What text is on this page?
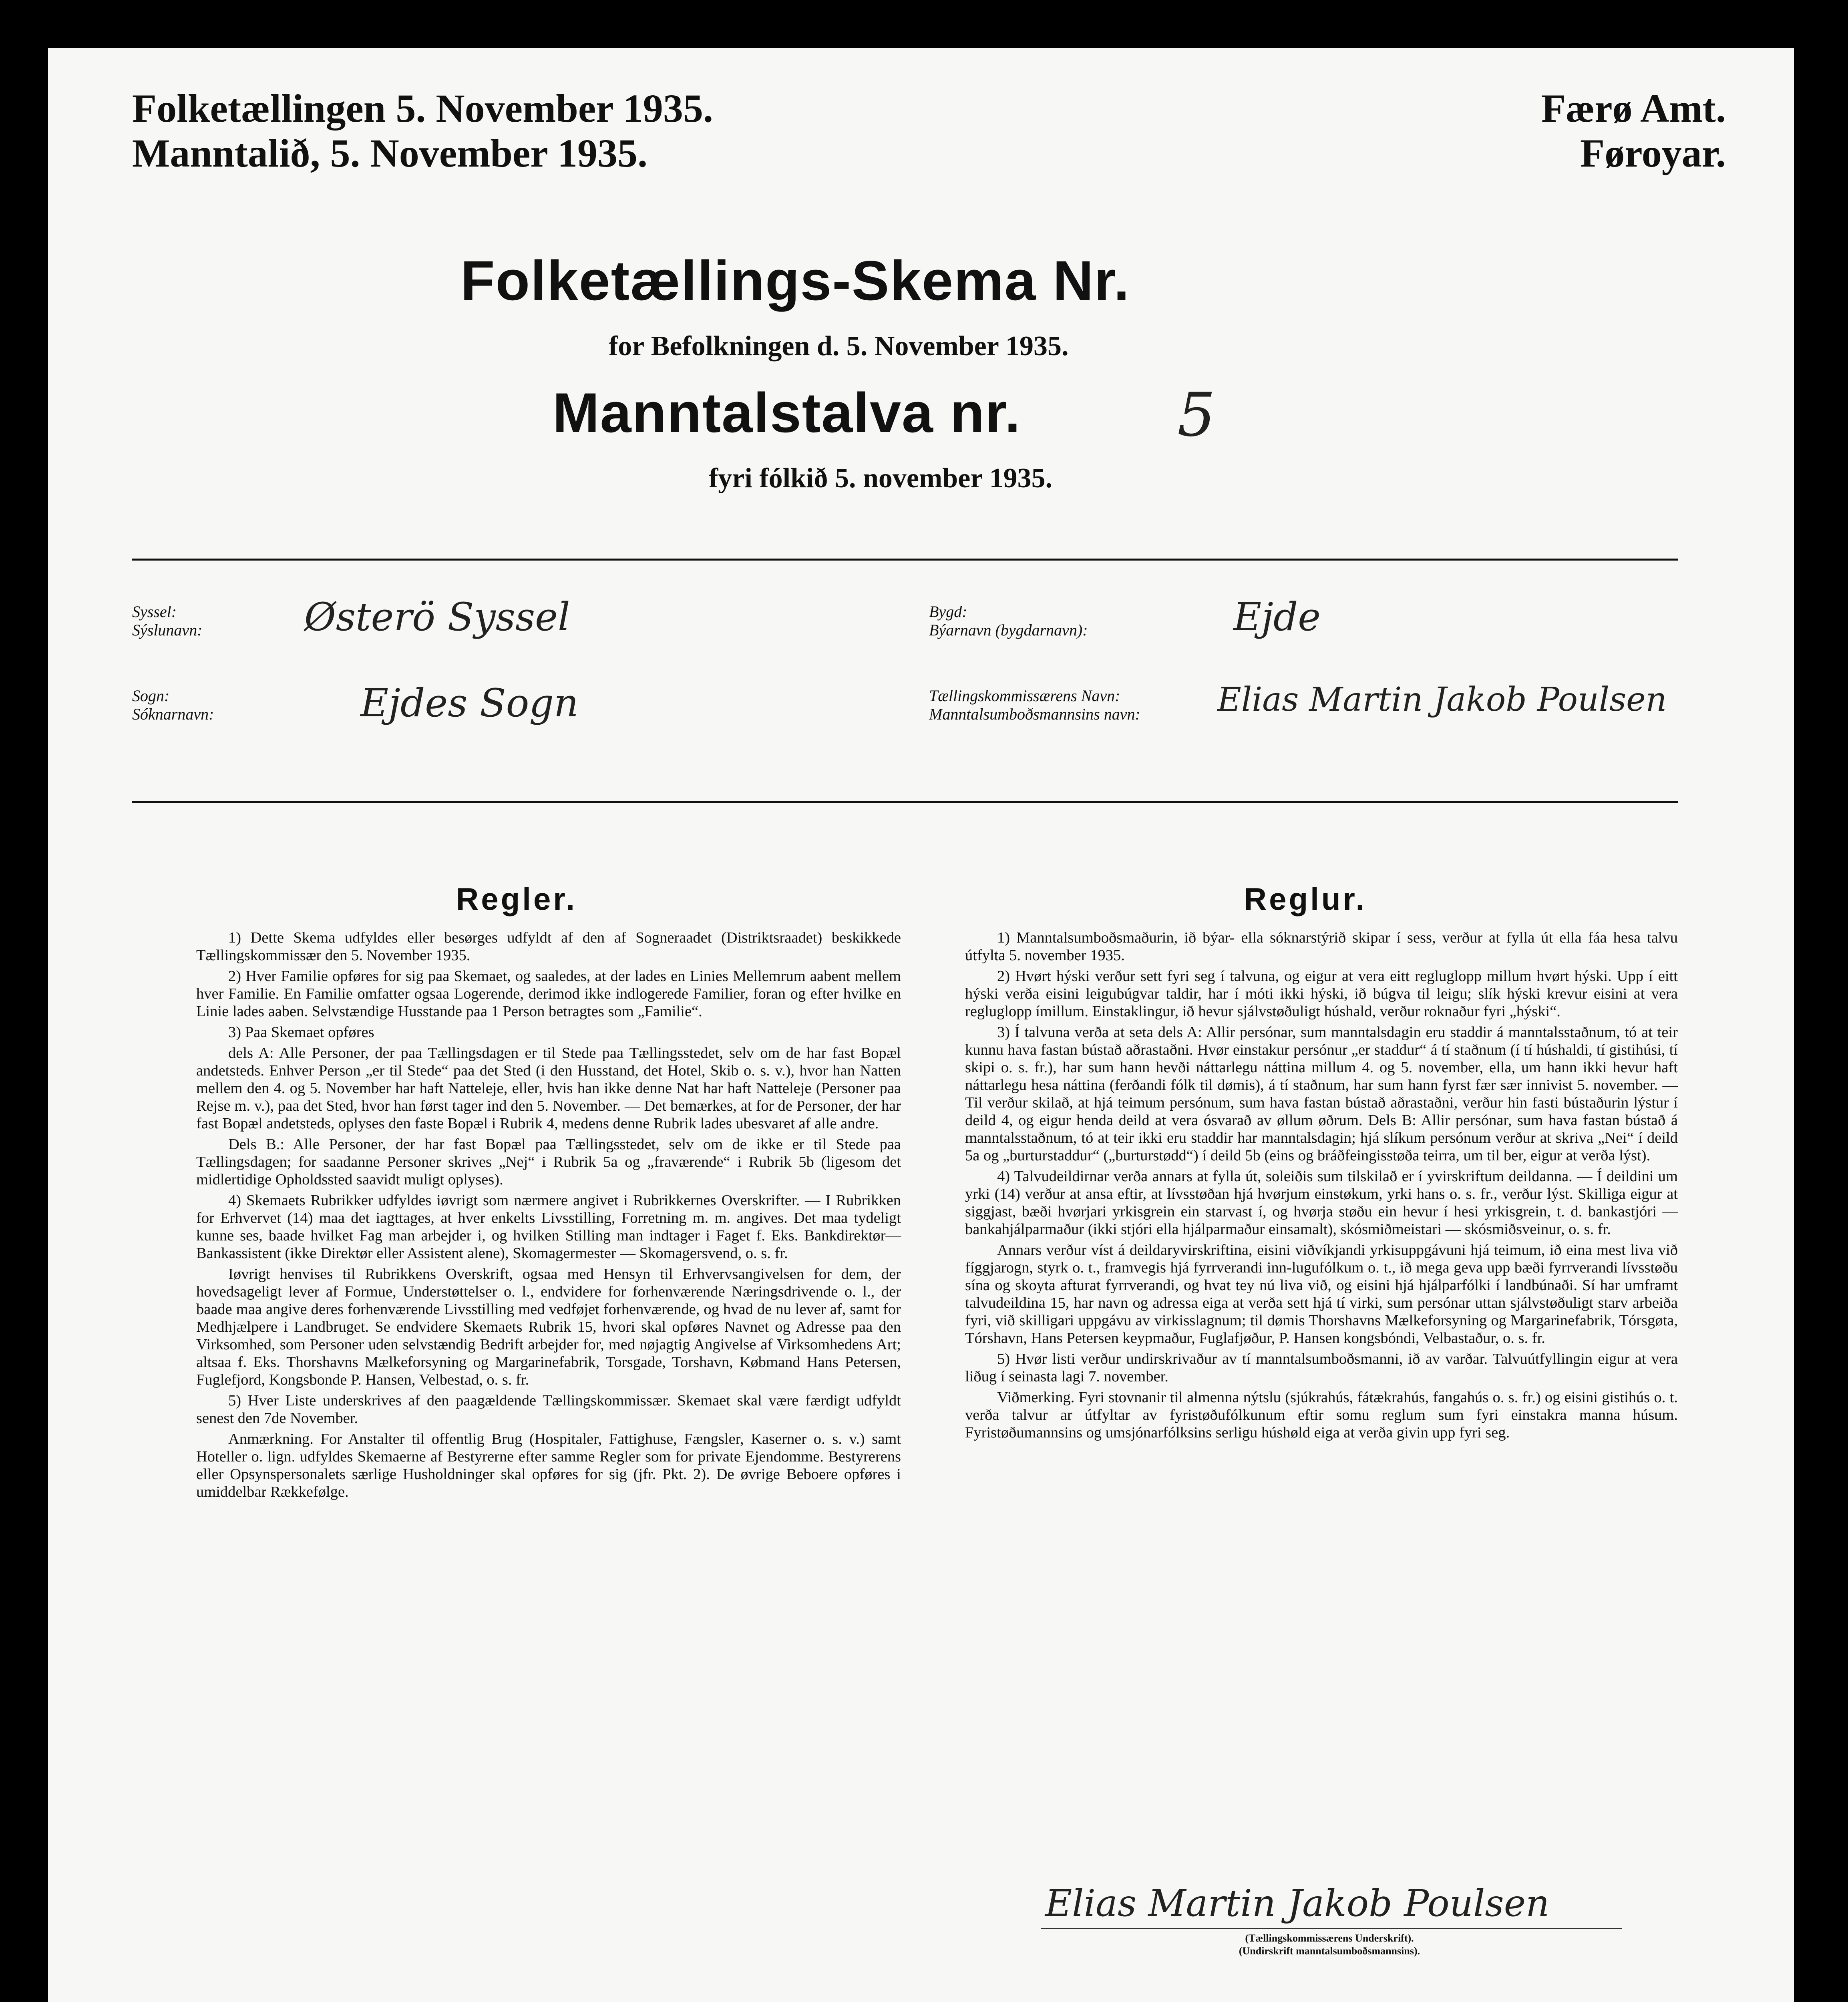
Folketællingen 5. November 1935.
Manntalið, 5. November 1935.
Færø Amt.
Føroyar.
Folketællings-Skema Nr.
for Befolkningen d. 5. November 1935.
Manntalstalva nr.	5
fyri fólkið 5. november 1935.
Syssel:
Sýslunavn:	Østerö Syssel
Sogn:
Sóknarnavn:	Ejdes Sogn
Bygd:
Býarnavn (bygdarnavn):	Ejde
Tællingskommissærens Navn:
Manntalsumboðsmannsins navn: Elias Martin Jakob Poulsen
Regler.

1) Dette Skema udfyldes eller besørges udfyldt af den af Sogneraadet (Distriktsraadet) beskikkede Tællingskommissær den 5. November 1935.

2) Hver Familie opføres for sig paa Skemaet, og saaledes, at der lades en Linies Mellemrum aabent mellem hver Familie. En Familie omfatter ogsaa Logerende, derimod ikke indlogerede Familier, foran og efter hvilke en Linie lades aaben. Selvstændige Husstande paa 1 Person betragtes som „Familie“.

3) Paa Skemaet opføres

dels A: Alle Personer, der paa Tællingsdagen er til Stede paa Tællingsstedet, selv om de har fast Bopæl andetsteds. Enhver Person „er til Stede“ paa det Sted (i den Husstand, det Hotel, Skib o. s. v.), hvor han Natten mellem den 4. og 5. November har haft Natteleje, eller, hvis han ikke denne Nat har haft Natteleje (Personer paa Rejse m. v.), paa det Sted, hvor han først tager ind den 5. November. — Det bemærkes, at for de Personer, der har fast Bopæl andetsteds, oplyses den faste Bopæl i Rubrik 4, medens denne Rubrik lades ubesvaret af alle andre.

Dels B.: Alle Personer, der har fast Bopæl paa Tællingsstedet, selv om de ikke er til Stede paa Tællingsdagen; for saadanne Personer skrives „Nej“ i Rubrik 5a og „fraværende“ i Rubrik 5b (ligesom det midlertidige Opholdssted saavidt muligt oplyses).

4) Skemaets Rubrikker udfyldes iøvrigt som nærmere angivet i Rubrikkernes Overskrifter. — I Rubrikken for Erhvervet (14) maa det iagttages, at hver enkelts Livsstilling, Forretning m. m. angives. Det maa tydeligt kunne ses, baade hvilket Fag man arbejder i, og hvilken Stilling man indtager i Faget f. Eks. Bankdirektør—Bankassistent (ikke Direktør eller Assistent alene), Skomagermester — Skomagersvend, o. s. fr.

Iøvrigt henvises til Rubrikkens Overskrift, ogsaa med Hensyn til Erhvervsangivelsen for dem, der hovedsageligt lever af Formue, Understøttelser o. l., endvidere for forhenværende Næringsdrivende o. l., der baade maa angive deres forhenværende Livsstilling med vedføjet forhenværende, og hvad de nu lever af, samt for Medhjælpere i Landbruget. Se endvidere Skemaets Rubrik 15, hvori skal opføres Navnet og Adresse paa den Virksomhed, som Personer uden selvstændig Bedrift arbejder for, med nøjagtig Angivelse af Virksomhedens Art; altsaa f. Eks. Thorshavns Mælkeforsyning og Margarinefabrik, Torsgade, Torshavn, Købmand Hans Petersen, Fuglefjord, Kongsbonde P. Hansen, Velbestad, o. s. fr.

5) Hver Liste underskrives af den paagældende Tællingskommissær. Skemaet skal være færdigt udfyldt senest den 7de November.

Anmærkning. For Anstalter til offentlig Brug (Hospitaler, Fattighuse, Fængsler, Kaserner o. s. v.) samt Hoteller o. lign. udfyldes Skemaerne af Bestyrerne efter samme Regler som for private Ejendomme. Bestyrerens eller Opsynspersonalets særlige Husholdninger skal opføres for sig (jfr. Pkt. 2). De øvrige Beboere opføres i umiddelbar Rækkefølge.

Reglur.

1) Manntalsumboðsmaðurin, ið býar- ella sóknarstýrið skipar í sess, verður at fylla út ella fáa hesa talvu útfylta 5. november 1935.

2) Hvørt hýski verður sett fyri seg í talvuna, og eigur at vera eitt regluglopp millum hvørt hýski. Upp í eitt hýski verða eisini leigubúgvar taldir, har í móti ikki hýski, ið búgva til leigu; slík hýski krevur eisini at vera regluglopp ímillum. Einstaklingur, ið hevur sjálvstøðuligt húshald, verður roknaður fyri „hýski“.

3) Í talvuna verða at seta dels A: Allir persónar, sum manntalsdagin eru staddir á manntalsstaðnum, tó at teir kunnu hava fastan bústað aðrastaðni. Hvør einstakur persónur „er staddur“ á tí staðnum (í tí húshaldi, tí gistihúsi, tí skipi o. s. fr.), har sum hann hevði náttarlegu náttina millum 4. og 5. november, ella, um hann ikki hevur haft náttarlegu hesa náttina (ferðandi fólk til dømis), á tí staðnum, har sum hann fyrst fær sær innivist 5. november. — Til verður skilað, at hjá teimum persónum, sum hava fastan bústað aðrastaðni, verður hin fasti bústaðurin lýstur í deild 4, og eigur henda deild at vera ósvarað av øllum øðrum. Dels B: Allir persónar, sum hava fastan bústað á manntalsstaðnum, tó at teir ikki eru staddir har manntalsdagin; hjá slíkum persónum verður at skriva „Nei“ í deild 5a og „burturstaddur“ („burturstødd“) í deild 5b (eins og bráðfeingisstøða teirra, um til ber, eigur at verða lýst).

4) Talvudeildirnar verða annars at fylla út, soleiðis sum tilskilað er í yvirskriftum deildanna. — Í deildini um yrki (14) verður at ansa eftir, at lívsstøðan hjá hvørjum einstøkum, yrki hans o. s. fr., verður lýst. Skilliga eigur at siggjast, bæði hvørjari yrkisgrein ein starvast í, og hvørja støðu ein hevur í hesi yrkisgrein, t. d. bankastjóri — bankahjálparmaður (ikki stjóri ella hjálparmaður einsamalt), skósmiðmeistari — skósmiðsveinur, o. s. fr.

Annars verður víst á deildaryvirskriftina, eisini viðvíkjandi yrkisuppgávuni hjá teimum, ið eina mest liva við fíggjarogn, styrk o. t., framvegis hjá fyrrverandi inn-lugufólkum o. t., ið mega geva upp bæði fyrrverandi lívsstøðu sína og skoyta afturat fyrrverandi, og hvat tey nú liva við, og eisini hjá hjálparfólki í landbúnaði. Sí har umframt talvudeildina 15, har navn og adressa eiga at verða sett hjá tí virki, sum persónar uttan sjálvstøðuligt starv arbeiða fyri, við skilligari uppgávu av virkisslagnum; til dømis Thorshavns Mælkeforsyning og Margarinefabrik, Tórsgøta, Tórshavn, Hans Petersen keypmaður, Fuglafjøður, P. Hansen kongsbóndi, Velbastaður, o. s. fr.

5) Hvør listi verður undirskrivaður av tí manntalsumboðsmanni, ið av varðar. Talvuútfyllingin eigur at vera liðug í seinasta lagi 7. november.

Viðmerking. Fyri stovnanir til almenna nýtslu (sjúkrahús, fátækrahús, fangahús o. s. fr.) og eisini gistihús o. t. verða talvur ar útfyltar av fyristøðufólkunum eftir somu reglum sum fyri einstakra manna húsum. Fyristøðumannsins og umsjónarfólksins serligu húshøld eiga at verða givin upp fyri seg.

Elias Martin Jakob Poulsen
(Tællingskommissærens Underskrift).
(Undirskrift manntalsumboðsmannsins).
